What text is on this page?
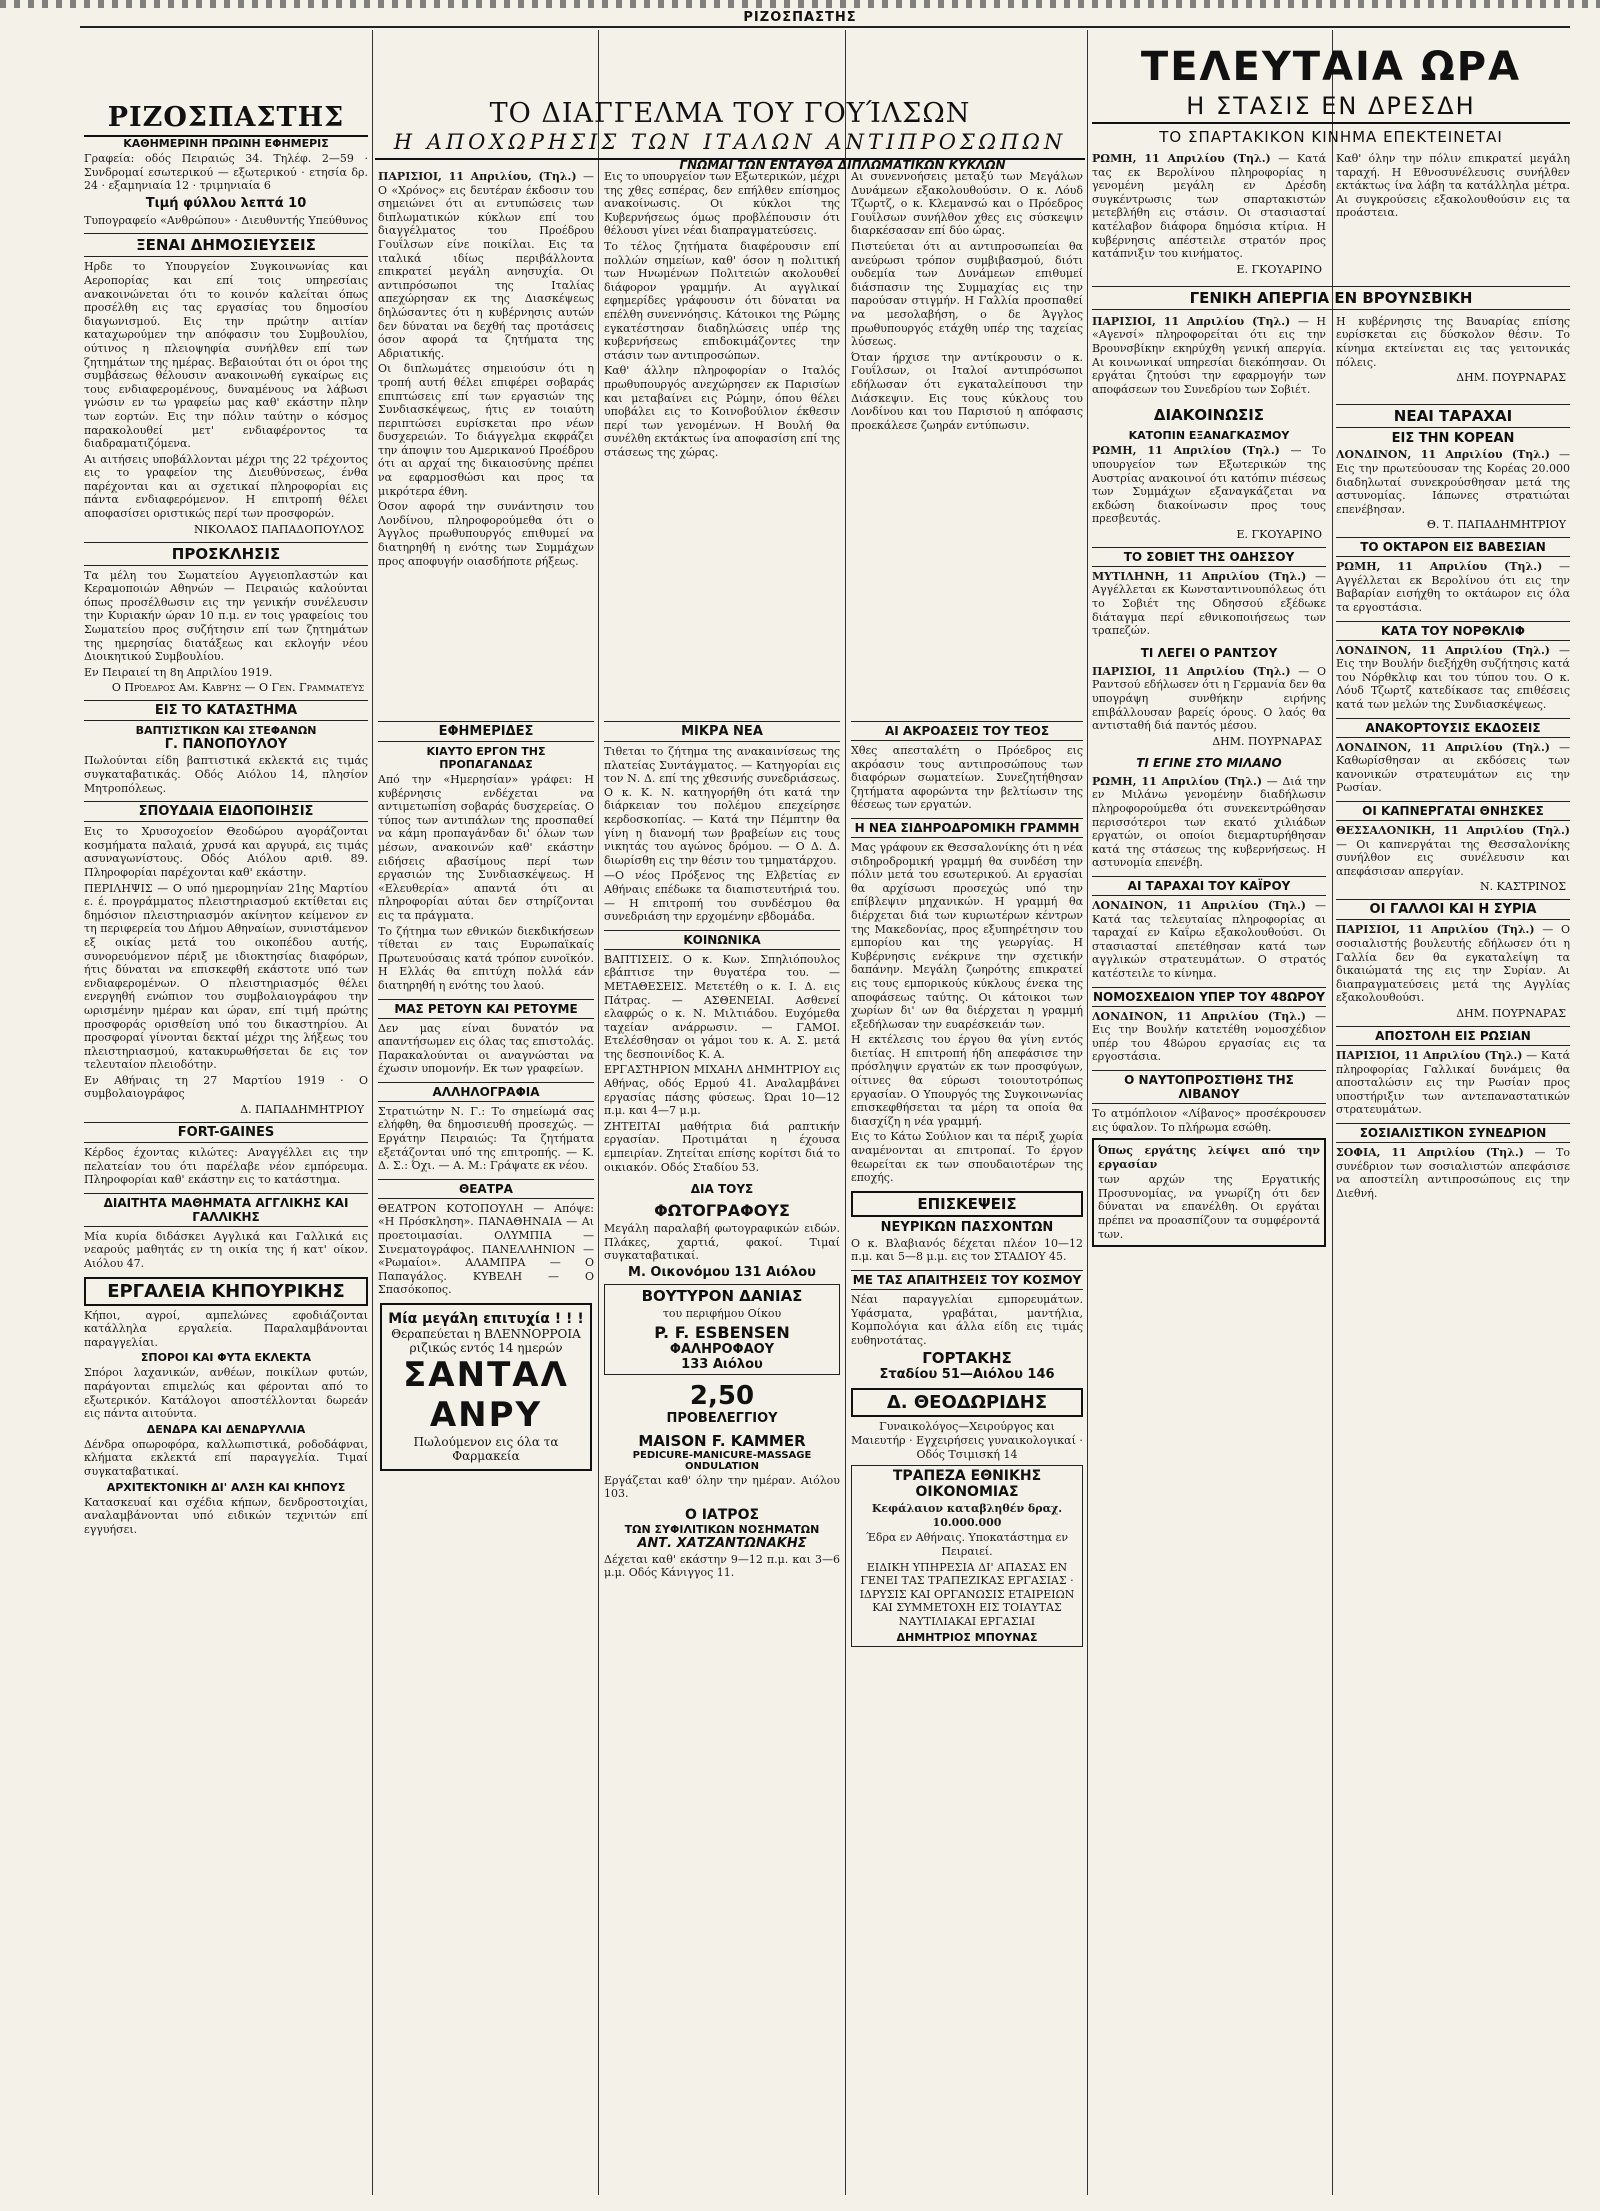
ΡΙΖΟΣΠΑΣΤΗΣ
ΤΟ ΔΙΑΓΓΕΛΜΑ ΤΟΥ ΓΟΥΊΛΣΩΝ
Η ΑΠΟΧΩΡΗΣΙΣ ΤΩΝ ΙΤΑΛΩΝ ΑΝΤΙΠΡΟΣΩΠΩΝ
ΓΝΩΜΑΙ ΤΩΝ ΕΝΤΑΥΘΑ ΔΙΠΛΩΜΑΤΙΚΩΝ ΚΥΚΛΩΝ
ΡΙΖΟΣΠΑΣΤΗΣ
ΚΑΘΗΜΕΡΙΝΗ ΠΡΩΙΝΗ ΕΦΗΜΕΡΙΣ
Γραφεία: οδός Πειραιώς 34. Τηλέφ. 2—59 · Συνδρομαί εσωτερικού — εξωτερικού · ετησία δρ. 24 · εξαμηνιαία 12 · τριμηνιαία 6
Τιμή φύλλου λεπτά 10
Τυπογραφείο «Ανθρώπου» · Διευθυντής Υπεύθυνος
ΞΕΝΑΙ ΔΗΜΟΣΙΕΥΣΕΙΣ
Ηρδε το Υπουργείον Συγκοινωνίας και Αεροπορίας και επί τοις υπηρεσίαις ανακοινώνεται ότι το κοινόν καλείται όπως προσέλθη εις τας εργασίας του δημοσίου διαγωνισμού. Εις την πρώτην αιτίαν καταχωρούμεν την απόφασιν του Συμβουλίου, ούτινος η πλειοψηφία συνήλθεν επί των ζητημάτων της ημέρας. Βεβαιούται ότι οι όροι της συμβάσεως θέλουσιν ανακοινωθή εγκαίρως εις τους ενδιαφερομένους, δυναμένους να λάβωσι γνώσιν εν τω γραφείω μας καθ' εκάστην πλην των εορτών. Εις την πόλιν ταύτην ο κόσμος παρακολουθεί μετ' ενδιαφέροντος τα διαδραματιζόμενα.
Αι αιτήσεις υποβάλλονται μέχρι της 22 τρέχοντος εις το γραφείον της Διευθύνσεως, ένθα παρέχονται και αι σχετικαί πληροφορίαι εις πάντα ενδιαφερόμενον. Η επιτροπή θέλει αποφασίσει οριστικώς περί των προσφορών.
ΝΙΚΟΛΑΟΣ ΠΑΠΑΔΟΠΟΥΛΟΣ
ΠΡΟΣΚΛΗΣΙΣ
Τα μέλη του Σωματείου Αγγειοπλαστών και Κεραμοποιών Αθηνών — Πειραιώς καλούνται όπως προσέλθωσιν εις την γενικήν συνέλευσιν την Κυριακήν ώραν 10 π.μ. εν τοις γραφείοις του Σωματείου προς συζήτησιν επί των ζητημάτων της ημερησίας διατάξεως και εκλογήν νέου Διοικητικού Συμβουλίου.
Εν Πειραιεί τη 8η Απριλίου 1919.
Ο Πρόεδρος Αμ. Καβρής — Ο Γεν. Γραμματεύς
ΕΙΣ ΤΟ ΚΑΤΑΣΤΗΜΑ
ΒΑΠΤΙΣΤΙΚΩΝ ΚΑΙ ΣΤΕΦΑΝΩΝ
Γ. ΠΑΝΟΠΟΥΛΟΥ
Πωλούνται είδη βαπτιστικά εκλεκτά εις τιμάς συγκαταβατικάς. Οδός Αιόλου 14, πλησίον Μητροπόλεως.
ΣΠΟΥΔΑΙΑ ΕΙΔΟΠΟΙΗΣΙΣ
Εις το Χρυσοχοείον Θεοδώρου αγοράζονται κοσμήματα παλαιά, χρυσά και αργυρά, εις τιμάς ασυναγωνίστους. Οδός Αιόλου αριθ. 89. Πληροφορίαι παρέχονται καθ' εκάστην.
ΠΕΡΙΛΗΨΙΣ — Ο υπό ημερομηνίαν 21ης Μαρτίου ε. έ. προγράμματος πλειστηριασμού εκτίθεται εις δημόσιον πλειστηριασμόν ακίνητον κείμενον εν τη περιφερεία του Δήμου Αθηναίων, συνιστάμενον εξ οικίας μετά του οικοπέδου αυτής, συνορευόμενον πέριξ με ιδιοκτησίας διαφόρων, ήτις δύναται να επισκεφθή εκάστοτε υπό των ενδιαφερομένων. Ο πλειστηριασμός θέλει ενεργηθή ενώπιον του συμβολαιογράφου την ωρισμένην ημέραν και ώραν, επί τιμή πρώτης προσφοράς ορισθείση υπό του δικαστηρίου. Αι προσφοραί γίνονται δεκταί μέχρι της λήξεως του πλειστηριασμού, κατακυρωθήσεται δε εις τον τελευταίον πλειοδότην.
Εν Αθήναις τη 27 Μαρτίου 1919 · Ο συμβολαιογράφος
Δ. ΠΑΠΑΔΗΜΗΤΡΙΟΥ
FORT-GAINES
Κέρδος έχοντας κιλώτες: Αναγγέλλει εις την πελατείαν του ότι παρέλαβε νέον εμπόρευμα. Πληροφορίαι καθ' εκάστην εις το κατάστημα.
ΔΙΑΙΤΗΤΑ ΜΑΘΗΜΑΤΑ ΑΓΓΛΙΚΗΣ ΚΑΙ ΓΑΛΛΙΚΗΣ
Μία κυρία διδάσκει Αγγλικά και Γαλλικά εις νεαρούς μαθητάς εν τη οικία της ή κατ' οίκον. Αιόλου 47.
ΕΡΓΑΛΕΙΑ ΚΗΠΟΥΡΙΚΗΣ
Κήποι, αγροί, αμπελώνες εφοδιάζονται κατάλληλα εργαλεία. Παραλαμβάνονται παραγγελίαι.
ΣΠΟΡΟΙ ΚΑΙ ΦΥΤΑ ΕΚΛΕΚΤΑ
Σπόροι λαχανικών, ανθέων, ποικίλων φυτών, παράγονται επιμελώς και φέρονται από το εξωτερικόν. Κατάλογοι αποστέλλονται δωρεάν εις πάντα αιτούντα.
ΔΕΝΔΡΑ ΚΑΙ ΔΕΝΔΡΥΛΛΙΑ
Δένδρα οπωροφόρα, καλλωπιστικά, ροδοδάφναι, κλήματα εκλεκτά επί παραγγελία. Τιμαί συγκαταβατικαί.
ΑΡΧΙΤΕΚΤΟΝΙΚΗ ΔΙ' ΑΛΣΗ ΚΑΙ ΚΗΠΟΥΣ
Κατασκευαί και σχέδια κήπων, δενδροστοιχίαι, αναλαμβάνονται υπό ειδικών τεχνιτών επί εγγυήσει.
ΠΑΡΙΣΙΟΙ, 11 Απριλίου, (Τηλ.) — Ο «Χρόνος» εις δευτέραν έκδοσιν του σημειώνει ότι αι εντυπώσεις των διπλωματικών κύκλων επί του διαγγέλματος του Προέδρου Γουΐλσων είνε ποικίλαι. Εις τα ιταλικά ιδίως περιβάλλοντα επικρατεί μεγάλη ανησυχία. Οι αντιπρόσωποι της Ιταλίας απεχώρησαν εκ της Διασκέψεως δηλώσαντες ότι η κυβέρνησις αυτών δεν δύναται να δεχθή τας προτάσεις όσον αφορά τα ζητήματα της Αδριατικής.
Οι διπλωμάτες σημειούσιν ότι η τροπή αυτή θέλει επιφέρει σοβαράς επιπτώσεις επί των εργασιών της Συνδιασκέψεως, ήτις εν τοιαύτη περιπτώσει ευρίσκεται προ νέων δυσχερειών. Το διάγγελμα εκφράζει την άποψιν του Αμερικανού Προέδρου ότι αι αρχαί της δικαιοσύνης πρέπει να εφαρμοσθώσι και προς τα μικρότερα έθνη.
Όσον αφορά την συνάντησιν του Λονδίνου, πληροφορούμεθα ότι ο Άγγλος πρωθυπουργός επιθυμεί να διατηρηθή η ενότης των Συμμάχων προς αποφυγήν οιασδήποτε ρήξεως.
Εις το υπουργείον των Εξωτερικών, μέχρι της χθες εσπέρας, δεν επήλθεν επίσημος ανακοίνωσις. Οι κύκλοι της Κυβερνήσεως όμως προβλέπουσιν ότι θέλουσι γίνει νέαι διαπραγματεύσεις.
Το τέλος ζητήματα διαφέρουσιν επί πολλών σημείων, καθ' όσον η πολιτική των Ηνωμένων Πολιτειών ακολουθεί διάφορον γραμμήν. Αι αγγλικαί εφημερίδες γράφουσιν ότι δύναται να επέλθη συνεννόησις. Κάτοικοι της Ρώμης εγκατέστησαν διαδηλώσεις υπέρ της κυβερνήσεως επιδοκιμάζοντες την στάσιν των αντιπροσώπων.
Καθ' άλλην πληροφορίαν ο Ιταλός πρωθυπουργός ανεχώρησεν εκ Παρισίων και μεταβαίνει εις Ρώμην, όπου θέλει υποβάλει εις το Κοινοβούλιον έκθεσιν περί των γενομένων. Η Βουλή θα συνέλθη εκτάκτως ίνα αποφασίση επί της στάσεως της χώρας.
Αι συνεννοήσεις μεταξύ των Μεγάλων Δυνάμεων εξακολουθούσιν. Ο κ. Λόυδ Τζωρτζ, ο κ. Κλεμανσώ και ο Πρόεδρος Γουΐλσων συνήλθον χθες εις σύσκεψιν διαρκέσασαν επί δύο ώρας.
Πιστεύεται ότι αι αντιπροσωπείαι θα ανεύρωσι τρόπον συμβιβασμού, διότι ουδεμία των Δυνάμεων επιθυμεί διάσπασιν της Συμμαχίας εις την παρούσαν στιγμήν. Η Γαλλία προσπαθεί να μεσολαβήση, ο δε Άγγλος πρωθυπουργός ετάχθη υπέρ της ταχείας λύσεως.
Όταν ήρχισε την αντίκρουσιν ο κ. Γουΐλσων, οι Ιταλοί αντιπρόσωποι εδήλωσαν ότι εγκαταλείπουσι την Διάσκεψιν. Εις τους κύκλους του Λονδίνου και του Παρισιού η απόφασις προεκάλεσε ζωηράν εντύπωσιν.
ΕΦΗΜΕΡΙΔΕΣ
ΚΙΑΥΤΟ ΕΡΓΟΝ ΤΗΣ ΠΡΟΠΑΓΑΝΔΑΣ
Από την «Ημερησίαν» γράφει: Η κυβέρνησις ενδέχεται να αντιμετωπίση σοβαράς δυσχερείας. Ο τύπος των αντιπάλων της προσπαθεί να κάμη προπαγάνδαν δι' όλων των μέσων, ανακοινών καθ' εκάστην ειδήσεις αβασίμους περί των εργασιών της Συνδιασκέψεως. Η «Ελευθερία» απαντά ότι αι πληροφορίαι αύται δεν στηρίζονται εις τα πράγματα.
Το ζήτημα των εθνικών διεκδικήσεων τίθεται εν ταις Ευρωπαϊκαίς Πρωτευούσαις κατά τρόπον ευνοϊκόν. Η Ελλάς θα επιτύχη πολλά εάν διατηρηθή η ενότης του λαού.
ΜΑΣ ΡΕΤΟΥΝ ΚΑΙ ΡΕΤΟΥΜΕ
Δεν μας είναι δυνατόν να απαντήσωμεν εις όλας τας επιστολάς. Παρακαλούνται οι αναγνώσται να έχωσιν υπομονήν. Εκ των γραφείων.
ΑΛΛΗΛΟΓΡΑΦΙΑ
Στρατιώτην Ν. Γ.: Το σημείωμά σας ελήφθη, θα δημοσιευθή προσεχώς. — Εργάτην Πειραιώς: Τα ζητήματα εξετάζονται υπό της επιτροπής. — Κ. Δ. Σ.: Όχι. — Α. Μ.: Γράψατε εκ νέου.
ΘΕΑΤΡΑ
ΘΕΑΤΡΟΝ ΚΟΤΟΠΟΥΛΗ — Απόψε: «Η Πρόσκληση». ΠΑΝΑΘΗΝΑΙΑ — Αι προετοιμασίαι. ΟΛΥΜΠΙΑ — Σινεματογράφος. ΠΑΝΕΛΛΗΝΙΟΝ — «Ρωμαίοι». ΑΛΑΜΠΡΑ — Ο Παπαγάλος. ΚΥΒΕΛΗ — Ο Σπασόκοπος.
Μία μεγάλη επιτυχία ! ! !
Θεραπεύεται η ΒΛΕΝΝΟΡΡΟΙΑ ριζικώς εντός 14 ημερών
ΣΑΝΤΑΛ ΑΝΡΥ
Πωλούμενον εις όλα τα Φαρμακεία
ΜΙΚΡΑ ΝΕΑ
Τιθεται το ζήτημα της ανακαινίσεως της πλατείας Συντάγματος. — Κατηγορίαι εις τον Ν. Δ. επί της χθεσινής συνεδριάσεως. Ο κ. Κ. Ν. κατηγορήθη ότι κατά την διάρκειαν του πολέμου επεχείρησε κερδοσκοπίας. — Κατά την Πέμπτην θα γίνη η διανομή των βραβείων εις τους νικητάς του αγώνος δρόμου. — Ο Δ. Δ. διωρίσθη εις την θέσιν του τμηματάρχου.
—Ο νέος Πρόξενος της Ελβετίας εν Αθήναις επέδωκε τα διαπιστευτήριά του. — Η επιτροπή του συνδέσμου θα συνεδριάση την ερχομένην εβδομάδα.
ΚΟΙΝΩΝΙΚΑ
ΒΑΠΤΙΣΕΙΣ. Ο κ. Κων. Σπηλιόπουλος εβάπτισε την θυγατέρα του. — ΜΕΤΑΘΕΣΕΙΣ. Μετετέθη ο κ. Ι. Δ. εις Πάτρας. — ΑΣΘΕΝΕΙΑΙ. Ασθενεί ελαφρώς ο κ. Ν. Μιλτιάδου. Ευχόμεθα ταχείαν ανάρρωσιν. — ΓΑΜΟΙ. Ετελέσθησαν οι γάμοι του κ. Α. Σ. μετά της δεσποινίδος Κ. Α.
ΕΡΓΑΣΤΗΡΙΟΝ ΜΙΧΑΗΛ ΔΗΜΗΤΡΙΟΥ εις Αθήνας, οδός Ερμού 41. Αναλαμβάνει εργασίας πάσης φύσεως. Ώραι 10—12 π.μ. και 4—7 μ.μ.
ΖΗΤΕΙΤΑΙ μαθήτρια διά ραπτικήν εργασίαν. Προτιμάται η έχουσα εμπειρίαν. Ζητείται επίσης κορίτσι διά το οικιακόν. Οδός Σταδίου 53.
ΔΙΑ ΤΟΥΣ
ΦΩΤΟΓΡΑΦΟΥΣ
Μεγάλη παραλαβή φωτογραφικών ειδών. Πλάκες, χαρτιά, φακοί. Τιμαί συγκαταβατικαί.
Μ. Οικονόμου 131 Αιόλου
ΒΟΥΤΥΡΟΝ ΔΑΝΙΑΣ
του περιφήμου Οίκου
P. F. ESBENSEN
ΦΑΛΗΡΟΦΑΟΥ
133 Αιόλου
2,50
ΠΡΟΒΕΛΕΓΓΙΟΥ
MAISON F. KAMMER
PEDICURE-MANICURE-MASSAGE ONDULATION
Εργάζεται καθ' όλην την ημέραν. Αιόλου 103.
Ο ΙΑΤΡΟΣ
ΤΩΝ ΣΥΦΙΛΙΤΙΚΩΝ ΝΟΣΗΜΑΤΩΝ
ΑΝΤ. ΧΑΤΖΑΝΤΩΝΑΚΗΣ
Δέχεται καθ' εκάστην 9—12 π.μ. και 3—6 μ.μ. Οδός Κάνιγγος 11.
ΑΙ ΑΚΡΟΑΣΕΙΣ ΤΟΥ ΤΕΟΣ
Χθες απεσταλέτη ο Πρόεδρος εις ακρόασιν τους αντιπροσώπους των διαφόρων σωματείων. Συνεζητήθησαν ζητήματα αφορώντα την βελτίωσιν της θέσεως των εργατών.
Η ΝΕΑ ΣΙΔΗΡΟΔΡΟΜΙΚΗ ΓΡΑΜΜΗ
Μας γράφουν εκ Θεσσαλονίκης ότι η νέα σιδηροδρομική γραμμή θα συνδέση την πόλιν μετά του εσωτερικού. Αι εργασίαι θα αρχίσωσι προσεχώς υπό την επίβλεψιν μηχανικών. Η γραμμή θα διέρχεται διά των κυριωτέρων κέντρων της Μακεδονίας, προς εξυπηρέτησιν του εμπορίου και της γεωργίας. Η Κυβέρνησις ενέκρινε την σχετικήν δαπάνην. Μεγάλη ζωηρότης επικρατεί εις τους εμπορικούς κύκλους ένεκα της αποφάσεως ταύτης. Οι κάτοικοι των χωρίων δι' ων θα διέρχεται η γραμμή εξεδήλωσαν την ευαρέσκειάν των.
Η εκτέλεσις του έργου θα γίνη εντός διετίας. Η επιτροπή ήδη απεφάσισε την πρόσληψιν εργατών εκ των προσφύγων, οίτινες θα εύρωσι τοιουτοτρόπως εργασίαν. Ο Υπουργός της Συγκοινωνίας επισκεφθήσεται τα μέρη τα οποία θα διασχίζη η νέα γραμμή.
Εις το Κάτω Σούλιον και τα πέριξ χωρία αναμένονται αι επιτροπαί. Το έργον θεωρείται εκ των σπουδαιοτέρων της εποχής.
ΕΠΙΣΚΕΨΕΙΣ
ΝΕΥΡΙΚΩΝ ΠΑΣΧΟΝΤΩΝ
Ο κ. Βλαβιανός δέχεται πλέον 10—12 π.μ. και 5—8 μ.μ. εις τον ΣΤΑΔΙΟΥ 45.
ΜΕ ΤΑΣ ΑΠΑΙΤΗΣΕΙΣ ΤΟΥ ΚΟΣΜΟΥ
Νέαι παραγγελίαι εμπορευμάτων. Υφάσματα, γραβάται, μαντήλια, Κομπολόγια και άλλα είδη εις τιμάς ευθηνοτάτας.
ΓΟΡΤΑΚΗΣ
Σταδίου 51—Αιόλου 146
Δ. ΘΕΟΔΩΡΙΔΗΣ
Γυναικολόγος—Χειρούργος και Μαιευτήρ · Εγχειρήσεις γυναικολογικαί · Οδός Τσιμισκή 14
ΤΡΑΠΕΖΑ ΕΘΝΙΚΗΣ ΟΙΚΟΝΟΜΙΑΣ
Κεφάλαιον καταβληθέν δραχ. 10.000.000
Έδρα εν Αθήναις. Υποκατάστημα εν Πειραιεί.
ΕΙΔΙΚΗ ΥΠΗΡΕΣΙΑ ΔΙ' ΑΠΑΣΑΣ ΕΝ ΓΕΝΕΙ ΤΑΣ ΤΡΑΠΕΖΙΚΑΣ ΕΡΓΑΣΙΑΣ · ΙΔΡΥΣΙΣ ΚΑΙ ΟΡΓΑΝΩΣΙΣ ΕΤΑΙΡΕΙΩΝ ΚΑΙ ΣΥΜΜΕΤΟΧΗ ΕΙΣ ΤΟΙΑΥΤΑΣ ΝΑΥΤΙΛΙΑΚΑΙ ΕΡΓΑΣΙΑΙ
ΔΗΜΗΤΡΙΟΣ ΜΠΟΥΝΑΣ
ΤΕΛΕΥΤΑΙΑ ΩΡΑ
Η ΣΤΑΣΙΣ ΕΝ ΔΡΕΣΔΗ
ΤΟ ΣΠΑΡΤΑΚΙΚΟΝ ΚΙΝΗΜΑ ΕΠΕΚΤΕΙΝΕΤΑΙ
ΡΩΜΗ, 11 Απριλίου (Τηλ.) — Κατά τας εκ Βερολίνου πληροφορίας η γενομένη μεγάλη εν Δρέσδη συγκέντρωσις των σπαρτακιστών μετεβλήθη εις στάσιν. Οι στασιασταί κατέλαβον διάφορα δημόσια κτίρια. Η κυβέρνησις απέστειλε στρατόν προς κατάπνιξιν του κινήματος.
Ε. ΓΚΟΥΑΡΙΝΟ
Καθ' όλην την πόλιν επικρατεί μεγάλη ταραχή. Η Εθνοσυνέλευσις συνήλθεν εκτάκτως ίνα λάβη τα κατάλληλα μέτρα. Αι συγκρούσεις εξακολουθούσιν εις τα προάστεια.
ΓΕΝΙΚΗ ΑΠΕΡΓΙΑ ΕΝ ΒΡΟΥΝΣΒΙΚΗ
ΠΑΡΙΣΙΟΙ, 11 Απριλίου (Τηλ.) — Η «Αγενσί» πληροφορείται ότι εις την Βρουνσβίκην εκηρύχθη γενική απεργία. Αι κοινωνικαί υπηρεσίαι διεκόπησαν. Οι εργάται ζητούσι την εφαρμογήν των αποφάσεων του Συνεδρίου των Σοβιέτ.
Η κυβέρνησις της Βαυαρίας επίσης ευρίσκεται εις δύσκολον θέσιν. Το κίνημα εκτείνεται εις τας γειτονικάς πόλεις.
ΔΗΜ. ΠΟΥΡΝΑΡΑΣ
ΔΙΑΚΟΙΝΩΣΙΣ
ΚΑΤΟΠΙΝ ΕΞΑΝΑΓΚΑΣΜΟΥ
ΡΩΜΗ, 11 Απριλίου (Τηλ.) — Το υπουργείον των Εξωτερικών της Αυστρίας ανακοινοί ότι κατόπιν πιέσεως των Συμμάχων εξαναγκάζεται να εκδώση διακοίνωσιν προς τους πρεσβευτάς.
Ε. ΓΚΟΥΑΡΙΝΟ
ΤΟ ΣΟΒΙΕΤ ΤΗΣ ΟΔΗΣΣΟΥ
ΜΥΤΙΛΗΝΗ, 11 Απριλίου (Τηλ.) — Αγγέλλεται εκ Κωνσταντινουπόλεως ότι το Σοβιέτ της Οδησσού εξέδωκε διάταγμα περί εθνικοποιήσεως των τραπεζών.
ΤΙ ΛΕΓΕΙ Ο ΡΑΝΤΣΟΥ
ΠΑΡΙΣΙΟΙ, 11 Απριλίου (Τηλ.) — Ο Ραντσού εδήλωσεν ότι η Γερμανία δεν θα υπογράψη συνθήκην ειρήνης επιβάλλουσαν βαρείς όρους. Ο λαός θα αντισταθή διά παντός μέσου.
ΔΗΜ. ΠΟΥΡΝΑΡΑΣ
ΤΙ ΕΓΙΝΕ ΣΤΟ ΜΙΛΑΝΟ
ΡΩΜΗ, 11 Απριλίου (Τηλ.) — Διά την εν Μιλάνω γενομένην διαδήλωσιν πληροφορούμεθα ότι συνεκεντρώθησαν περισσότεροι των εκατό χιλιάδων εργατών, οι οποίοι διεμαρτυρήθησαν κατά της στάσεως της κυβερνήσεως. Η αστυνομία επενέβη.
ΑΙ ΤΑΡΑΧΑΙ ΤΟΥ ΚΑΪΡΟΥ
ΛΟΝΔΙΝΟΝ, 11 Απριλίου (Τηλ.) — Κατά τας τελευταίας πληροφορίας αι ταραχαί εν Καΐρω εξακολουθούσι. Οι στασιασταί επετέθησαν κατά των αγγλικών στρατευμάτων. Ο στρατός κατέστειλε το κίνημα.
ΝΟΜΟΣΧΕΔΙΟΝ ΥΠΕΡ ΤΟΥ 48ΩΡΟΥ
ΛΟΝΔΙΝΟΝ, 11 Απριλίου (Τηλ.) — Εις την Βουλήν κατετέθη νομοσχέδιον υπέρ του 48ώρου εργασίας εις τα εργοστάσια.
Ο ΝΑΥΤΟΠΡΟΣΤΙΘΗΣ ΤΗΣ ΛΙΒΑΝΟΥ
Το ατμόπλοιον «Λίβανος» προσέκρουσεν εις ύφαλον. Το πλήρωμα εσώθη.
Όπως εργάτης λείψει από την εργασίαν
των αρχών της Εργατικής Προσυνομίας, να γνωρίζη ότι δεν δύναται να επανέλθη. Οι εργάται πρέπει να προασπίζουν τα συμφέροντά των.
ΝΕΑΙ ΤΑΡΑΧΑΙ
ΕΙΣ ΤΗΝ ΚΟΡΕΑΝ
ΛΟΝΔΙΝΟΝ, 11 Απριλίου (Τηλ.) — Εις την πρωτεύουσαν της Κορέας 20.000 διαδηλωταί συνεκρούσθησαν μετά της αστυνομίας. Ιάπωνες στρατιώται επενέβησαν.
Θ. Τ. ΠΑΠΑΔΗΜΗΤΡΙΟΥ
ΤΟ ΟΚΤΑΡΟΝ ΕΙΣ ΒΑΒΕΣΙΑΝ
ΡΩΜΗ, 11 Απριλίου (Τηλ.) — Αγγέλλεται εκ Βερολίνου ότι εις την Βαβαρίαν εισήχθη το οκτάωρον εις όλα τα εργοστάσια.
ΚΑΤΑ ΤΟΥ ΝΟΡΘΚΛΙΦ
ΛΟΝΔΙΝΟΝ, 11 Απριλίου (Τηλ.) — Εις την Βουλήν διεξήχθη συζήτησις κατά του Νόρθκλιφ και του τύπου του. Ο κ. Λόυδ Τζωρτζ κατεδίκασε τας επιθέσεις κατά των μελών της Συνδιασκέψεως.
ΑΝΑΚΟΡΤΟΥΣΙΣ ΕΚΔΟΣΕΙΣ
ΛΟΝΔΙΝΟΝ, 11 Απριλίου (Τηλ.) — Καθωρίσθησαν αι εκδόσεις των κανονικών στρατευμάτων εις την Ρωσίαν.
ΟΙ ΚΑΠΝΕΡΓΑΤΑΙ ΘΝΗΣΚΕΣ
ΘΕΣΣΑΛΟΝΙΚΗ, 11 Απριλίου (Τηλ.) — Οι καπνεργάται της Θεσσαλονίκης συνήλθον εις συνέλευσιν και απεφάσισαν απεργίαν.
Ν. ΚΑΣΤΡΙΝΟΣ
ΟΙ ΓΑΛΛΟΙ ΚΑΙ Η ΣΥΡΙΑ
ΠΑΡΙΣΙΟΙ, 11 Απριλίου (Τηλ.) — Ο σοσιαλιστής βουλευτής εδήλωσεν ότι η Γαλλία δεν θα εγκαταλείψη τα δικαιώματά της εις την Συρίαν. Αι διαπραγματεύσεις μετά της Αγγλίας εξακολουθούσι.
ΔΗΜ. ΠΟΥΡΝΑΡΑΣ
ΑΠΟΣΤΟΛΗ ΕΙΣ ΡΩΣΙΑΝ
ΠΑΡΙΣΙΟΙ, 11 Απριλίου (Τηλ.) — Κατά πληροφορίας Γαλλικαί δυνάμεις θα αποσταλώσιν εις την Ρωσίαν προς υποστήριξιν των αντεπαναστατικών στρατευμάτων.
ΣΟΣΙΑΛΙΣΤΙΚΟΝ ΣΥΝΕΔΡΙΟΝ
ΣΟΦΙΑ, 11 Απριλίου (Τηλ.) — Το συνέδριον των σοσιαλιστών απεφάσισε να αποστείλη αντιπροσώπους εις την Διεθνή.
